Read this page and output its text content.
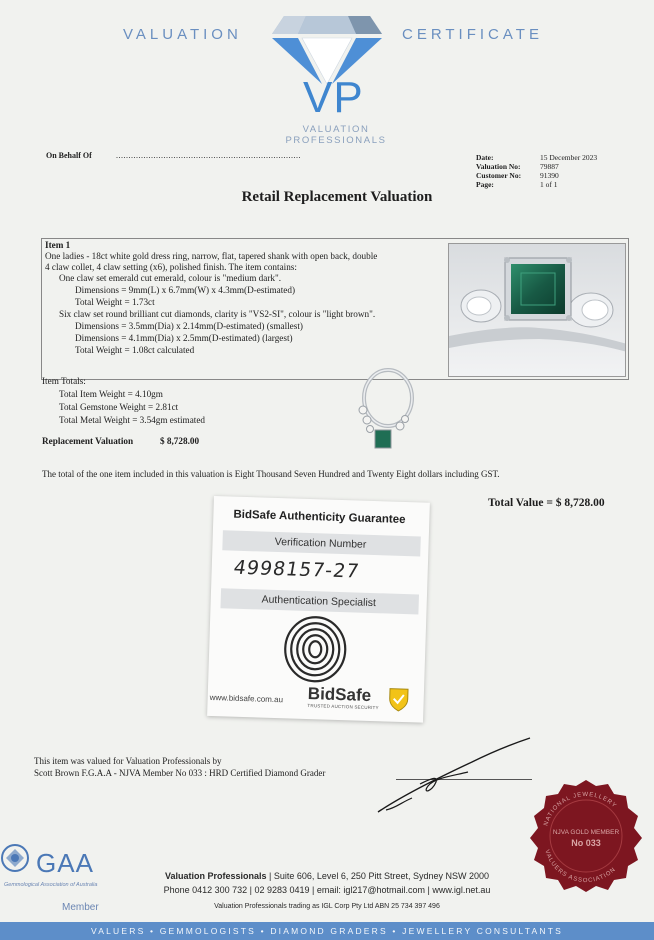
VALUATION	CERTIFICATE
VP
VALUATION
PROFESSIONALS
On Behalf Of	..........................................................................	Date:	15 December 2023
Valuation No:	79887
Customer No:	91390
Page:	1 of 1
Retail Replacement Valuation
Item 1
One ladies - 18ct white gold dress ring, narrow, flat, tapered shank with open back, double
4 claw collet, 4 claw setting (x6), polished finish. The item contains:
One claw set emerald cut emerald, colour is "medium dark".
Dimensions = 9mm(L) x 6.7mm(W) x 4.3mm(D-estimated)
Total Weight = 1.73ct
Six claw set round brilliant cut diamonds, clarity is "VS2-SI", colour is "light brown".
Dimensions = 3.5mm(Dia) x 2.14mm(D-estimated) (smallest)
Dimensions = 4.1mm(Dia) x 2.5mm(D-estimated) (largest)
Total Weight = 1.08ct calculated
Item Totals:
Total Item Weight = 4.10gm
Total Gemstone Weight = 2.81ct
Total Metal Weight = 3.54gm estimated
Replacement Valuation	$ 8,728.00
The total of the one item included in this valuation is Eight Thousand Seven Hundred and Twenty Eight dollars including GST.
Total Value = $ 8,728.00
BidSafe Authenticity Guarantee
Verification Number
4998157-27
Authentication Specialist
www.bidsafe.com.au BidSafe
TRUSTED AUCTION SECURITY
This item was valued for Valuation Professionals by
Scott Brown F.G.A.A - NJVA Member No 033 : HRD Certified Diamond Grader
NATIONAL JEWELLERY
VALUERS ASSOCIATION
NJVA GOLD MEMBER
No 033
GAA
Gemmological Association of Australia
Member
Valuation Professionals | Suite 606, Level 6, 250 Pitt Street, Sydney NSW 2000
Phone 0412 300 732 | 02 9283 0419 | email: igl217@hotmail.com | www.igl.net.au
Valuation Professionals trading as IGL Corp Pty Ltd ABN 25 734 397 496
VALUERS • GEMMOLOGISTS • DIAMOND GRADERS • JEWELLERY CONSULTANTS
